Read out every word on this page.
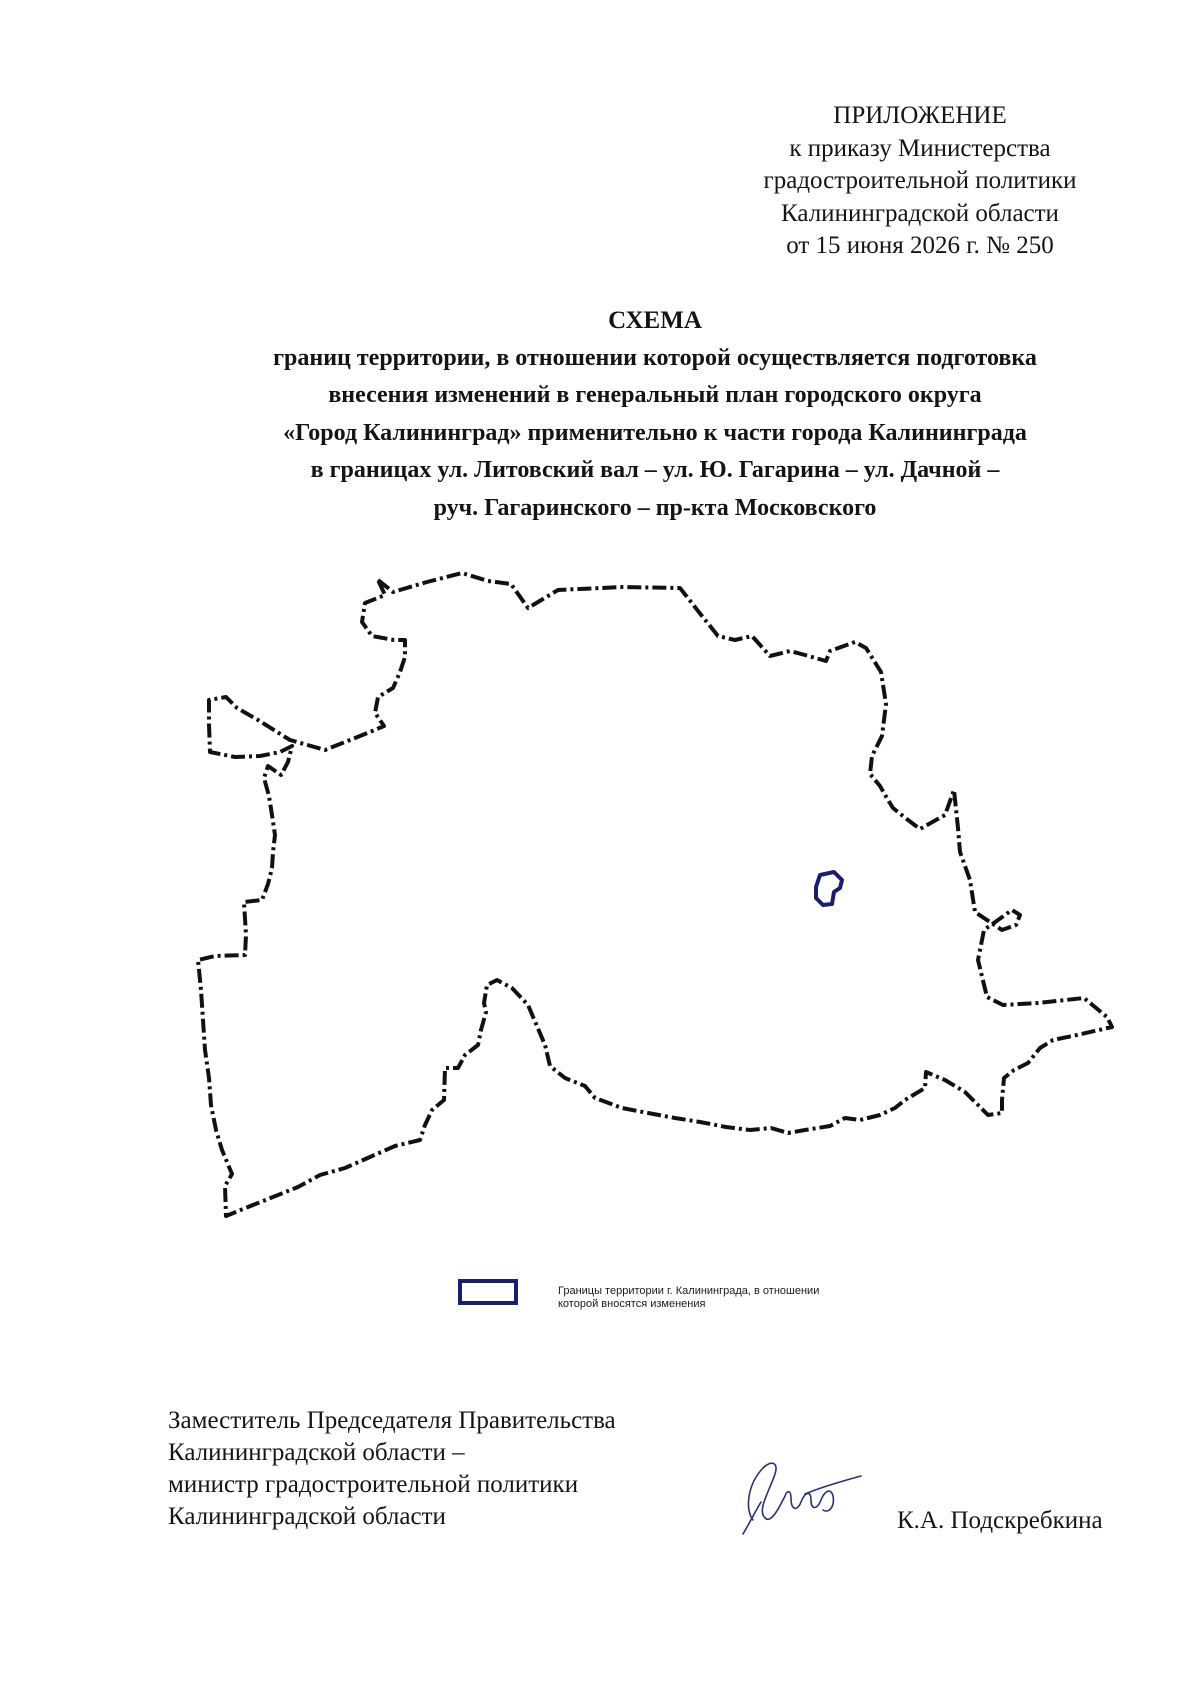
ПРИЛОЖЕНИЕ
к приказу Министерства
градостроительной политики
Калининградской области
от 15 июня 2026 г. № 250
СХЕМА
границ территории, в отношении которой осуществляется подготовка
внесения изменений в генеральный план городского округа
«Город Калининград» применительно к части города Калининграда
в границах ул. Литовский вал – ул. Ю. Гагарина – ул. Дачной –
руч. Гагаринского – пр-кта Московского
Границы территории г. Калининграда, в отношении
которой вносятся изменения
Заместитель Председателя Правительства
Калининградской области –
министр градостроительной политики
Калининградской области	К.А. Подскребкина
